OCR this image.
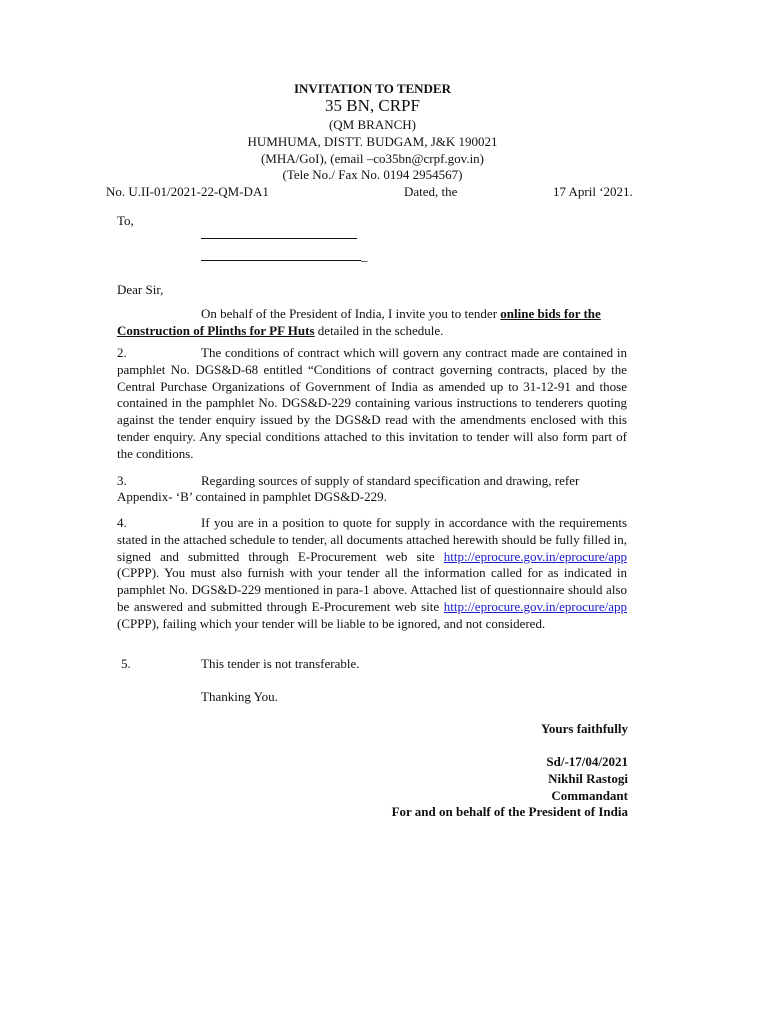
INVITATION TO TENDER
35 BN, CRPF
(QM BRANCH)
HUMHUMA, DISTT. BUDGAM, J&K 190021
(MHA/GoI), (email –co35bn@crpf.gov.in)
(Tele No./ Fax No. 0194 2954567)
No. U.II-01/2021-22-QM-DA1	Dated, the	17 April ‘2021.
To,
_
Dear Sir,
On behalf of the President of India, I invite you to tender online bids for the
Construction of Plinths for PF Huts detailed in the schedule.
2.	The conditions of contract which will govern any contract made are contained in pamphlet No. DGS&D-68 entitled “Conditions of contract governing contracts, placed by the Central Purchase Organizations of Government of India as amended up to 31-12-91 and those contained in the pamphlet No. DGS&D-229 containing various instructions to tenderers quoting against the tender enquiry issued by the DGS&D read with the amendments enclosed with this tender enquiry. Any special conditions attached to this invitation to tender will also form part of the conditions.
3.	Regarding sources of supply of standard specification and drawing, refer
Appendix- ‘B’ contained in pamphlet DGS&D-229.
4.	If you are in a position to quote for supply in accordance with the requirements stated in the attached schedule to tender, all documents attached herewith should be fully filled in, signed and submitted through E-Procurement web site http://eprocure.gov.in/eprocure/app (CPPP). You must also furnish with your tender all the information called for as indicated in pamphlet No. DGS&D-229 mentioned in para-1 above. Attached list of questionnaire should also be answered and submitted through E-Procurement web site http://eprocure.gov.in/eprocure/app (CPPP), failing which your tender will be liable to be ignored, and not considered.
5.	This tender is not transferable.
Thanking You.
Yours faithfully
Sd/-17/04/2021
Nikhil Rastogi
Commandant
For and on behalf of the President of India
